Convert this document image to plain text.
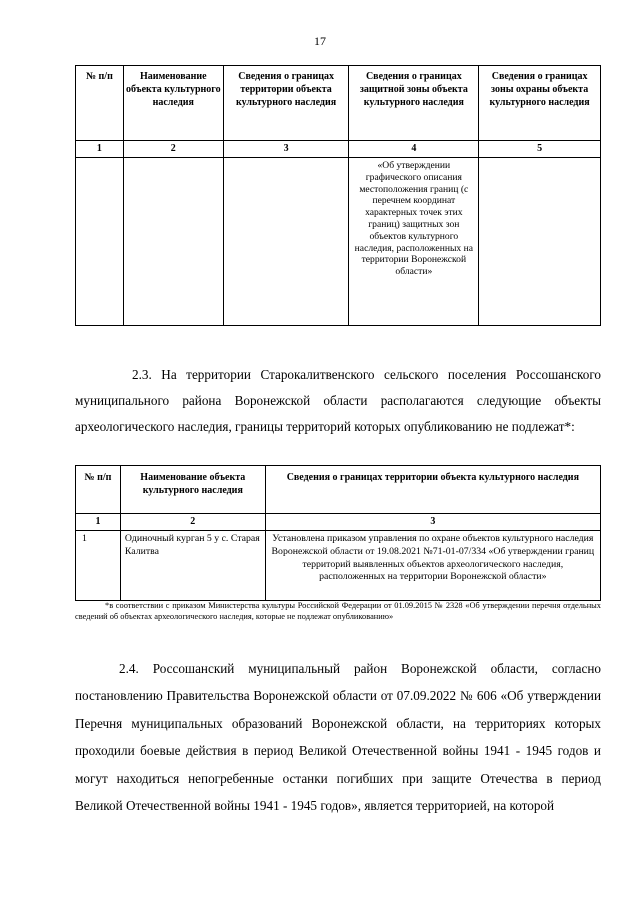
17
№ п/п	Наименование объекта культурного наследия	Сведения о границах территории объекта культурного наследия	Сведения о границах защитной зоны объекта культурного наследия	Сведения о границах зоны охраны объекта культурного наследия
1	2	3	4	5
			«Об утверждении графического описания местоположения границ (с перечнем координат характерных точек этих границ) защитных зон объектов культурного наследия, расположенных на территории Воронежской области»	
2.3. На территории Старокалитвенского сельского поселения Россошанского муниципального района Воронежской области располагаются следующие объекты археологического наследия, границы территорий которых опубликованию не подлежат*:
№ п/п	Наименование объекта культурного наследия	Сведения о границах территории объекта культурного наследия
1	2	3
1	Одиночный курган 5 у с. Старая Калитва	Установлена приказом управления по охране объектов культурного наследия Воронежской области от 19.08.2021 №71-01-07/334 «Об утверждении границ территорий выявленных объектов археологического наследия, расположенных на территории Воронежской области»
*в соответствии с приказом Министерства культуры Российской Федерации от 01.09.2015 № 2328 «Об утверждении перечня отдельных сведений об объектах археологического наследия, которые не подлежат опубликованию»
2.4. Россошанский муниципальный район Воронежской области, согласно постановлению Правительства Воронежской области от 07.09.2022 № 606 «Об утверждении Перечня муниципальных образований Воронежской области, на территориях которых проходили боевые действия в период Великой Отечественной войны 1941 - 1945 годов и могут находиться непогребенные останки погибших при защите Отечества в период Великой Отечественной войны 1941 - 1945 годов», является территорией, на которой
